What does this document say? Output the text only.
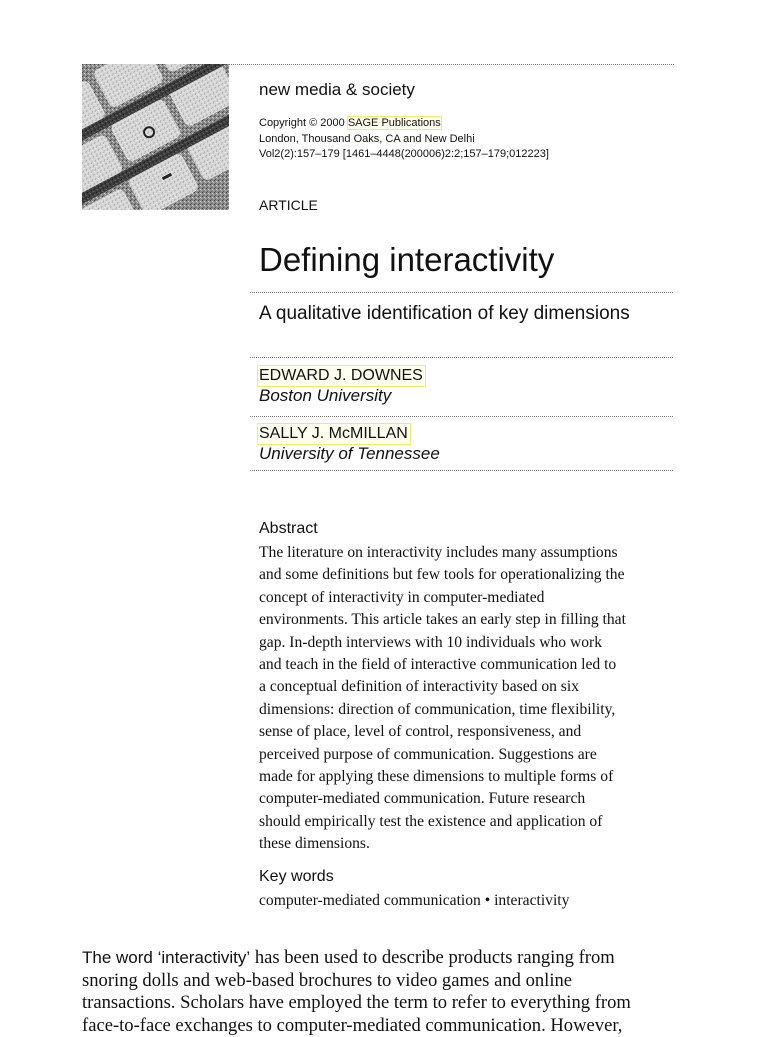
new media & society
Copyright © 2000 SAGE Publications
London, Thousand Oaks, CA and New Delhi
Vol2(2):157–179 [1461–4448(200006)2:2;157–179;012223]
ARTICLE
Defining interactivity
A qualitative identification of key dimensions
EDWARD J. DOWNES
Boston University
SALLY J. McMILLAN
University of Tennessee
Abstract
The literature on interactivity includes many assumptions
and some definitions but few tools for operationalizing the
concept of interactivity in computer-mediated
environments. This article takes an early step in filling that
gap. In-depth interviews with 10 individuals who work
and teach in the field of interactive communication led to
a conceptual definition of interactivity based on six
dimensions: direction of communication, time flexibility,
sense of place, level of control, responsiveness, and
perceived purpose of communication. Suggestions are
made for applying these dimensions to multiple forms of
computer-mediated communication. Future research
should empirically test the existence and application of
these dimensions.
Key words
computer-mediated communication • interactivity
The word ‘interactivity’ has been used to describe products ranging from
snoring dolls and web-based brochures to video games and online
transactions. Scholars have employed the term to refer to everything from
face-to-face exchanges to computer-mediated communication. However,
